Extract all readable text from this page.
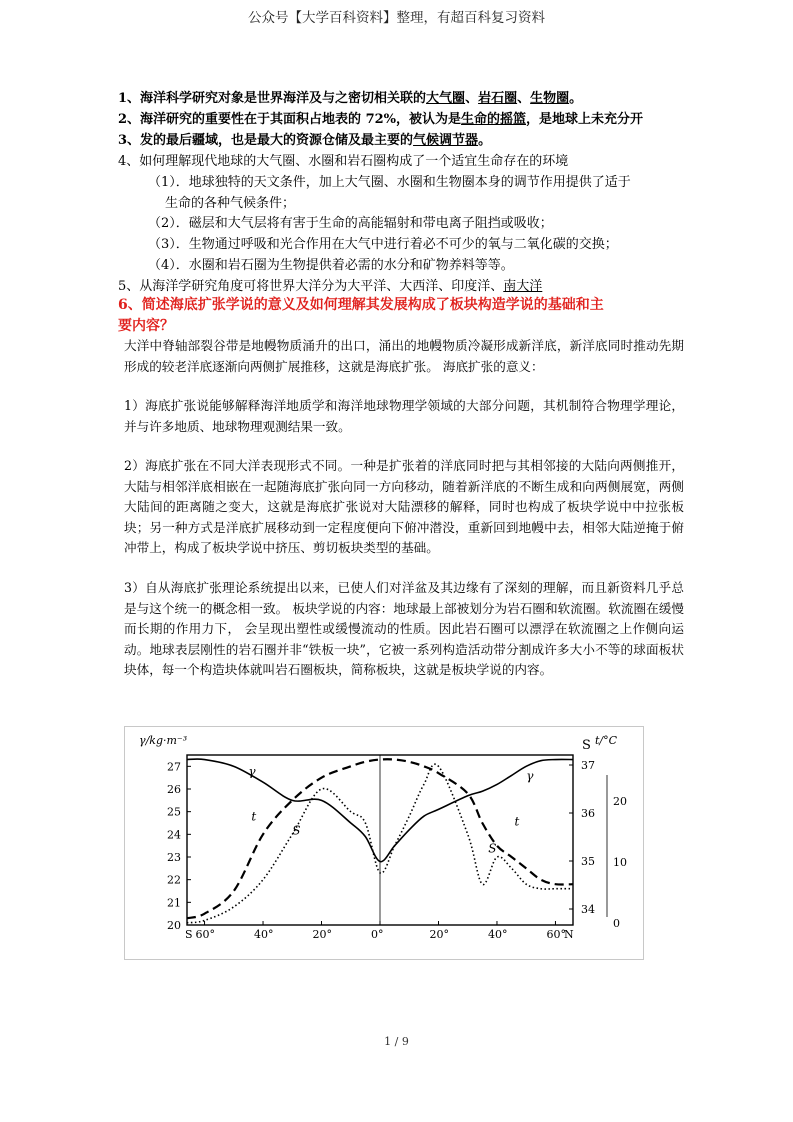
公众号【大学百科资料】整理，有超百科复习资料
1、海洋科学研究对象是世界海洋及与之密切相关联的大气圈、岩石圈、生物圈。
2、海洋研究的重要性在于其面积占地表的 72%，被认为是生命的摇篮，是地球上未充分开
3、发的最后疆域，也是最大的资源仓储及最主要的气候调节器。
4、如何理解现代地球的大气圈、水圈和岩石圈构成了一个适宜生命存在的环境
（1）．地球独特的天文条件，加上大气圈、水圈和生物圈本身的调节作用提供了适于
生命的各种气候条件；
（2）．磁层和大气层将有害于生命的高能辐射和带电离子阻挡或吸收；
（3）．生物通过呼吸和光合作用在大气中进行着必不可少的氧与二氧化碳的交换；
（4）．水圈和岩石圈为生物提供着必需的水分和矿物养料等等。
5、从海洋学研究角度可将世界大洋分为大平洋、大西洋、印度洋、南大洋
6、简述海底扩张学说的意义及如何理解其发展构成了板块构造学说的基础和主
要内容？
大洋中脊轴部裂谷带是地幔物质涌升的出口，涌出的地幔物质冷凝形成新洋底，新洋底同时推动先期形成的较老洋底逐渐向两侧扩展推移，这就是海底扩张。 海底扩张的意义：
1）海底扩张说能够解释海洋地质学和海洋地球物理学领域的大部分问题，其机制符合物理学理论，并与许多地质、地球物理观测结果一致。
2）海底扩张在不同大洋表现形式不同。一种是扩张着的洋底同时把与其相邻接的大陆向两侧推开，大陆与相邻洋底相嵌在一起随海底扩张向同一方向移动，随着新洋底的不断生成和向两侧展宽，两侧大陆间的距离随之变大，这就是海底扩张说对大陆漂移的解释，同时也构成了板块学说中中拉张板块；另一种方式是洋底扩展移动到一定程度便向下俯冲潜没，重新回到地幔中去，相邻大陆逆掩于俯冲带上，构成了板块学说中挤压、剪切板块类型的基础。
3）自从海底扩张理论系统提出以来，已使人们对洋盆及其边缘有了深刻的理解，而且新资料几乎总是与这个统一的概念相一致。 板块学说的内容：地球最上部被划分为岩石圈和软流圈。软流圈在缓慢而长期的作用力下， 会呈现出塑性或缓慢流动的性质。因此岩石圈可以漂浮在软流圈之上作侧向运动。地球表层刚性的岩石圈并非“铁板一块”，它被一系列构造活动带分割成许多大小不等的球面板状块体，每一个构造块体就叫岩石圈板块，简称板块，这就是板块学说的内容。
γ/kg·m⁻³	S t/°C
27
26
25
24
23
22
21
20
37
36
35
34
20
10
0
S 60°	40°	20°	0°	20°	40°	60°
N
γ	γ
t	t
S
S
1 / 9
